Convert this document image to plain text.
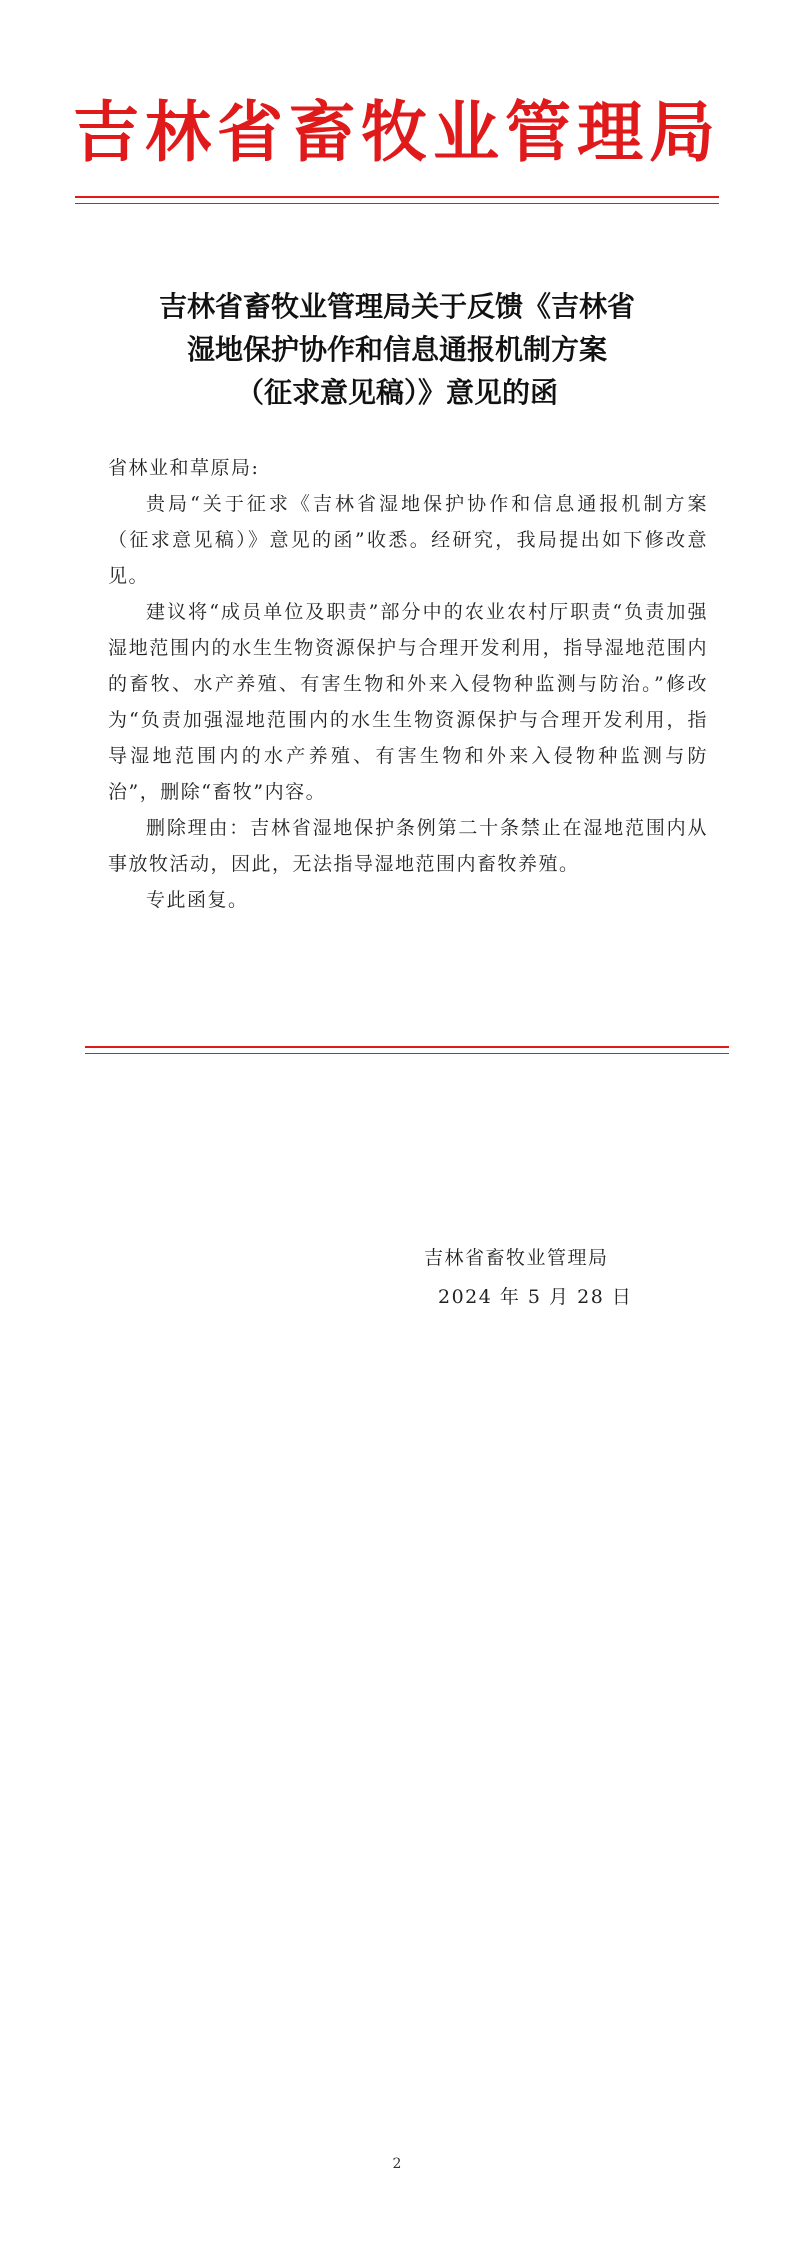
吉林省畜牧业管理局
吉林省畜牧业管理局关于反馈《吉林省
湿地保护协作和信息通报机制方案
（征求意见稿）》意见的函

省林业和草原局:

贵局“关于征求《吉林省湿地保护协作和信息通报机制方案（征求意见稿）》意见的函”收悉。经研究，我局提出如下修改意见。

建议将“成员单位及职责”部分中的农业农村厅职责“负责加强湿地范围内的水生生物资源保护与合理开发利用，指导湿地范围内的畜牧、水产养殖、有害生物和外来入侵物种监测与防治。”修改为“负责加强湿地范围内的水生生物资源保护与合理开发利用，指导湿地范围内的水产养殖、有害生物和外来入侵物种监测与防治”，删除“畜牧”内容。

删除理由：吉林省湿地保护条例第二十条禁止在湿地范围内从事放牧活动，因此，无法指导湿地范围内畜牧养殖。

专此函复。

吉林省畜牧业管理局
2024 年 5 月 28 日
2
